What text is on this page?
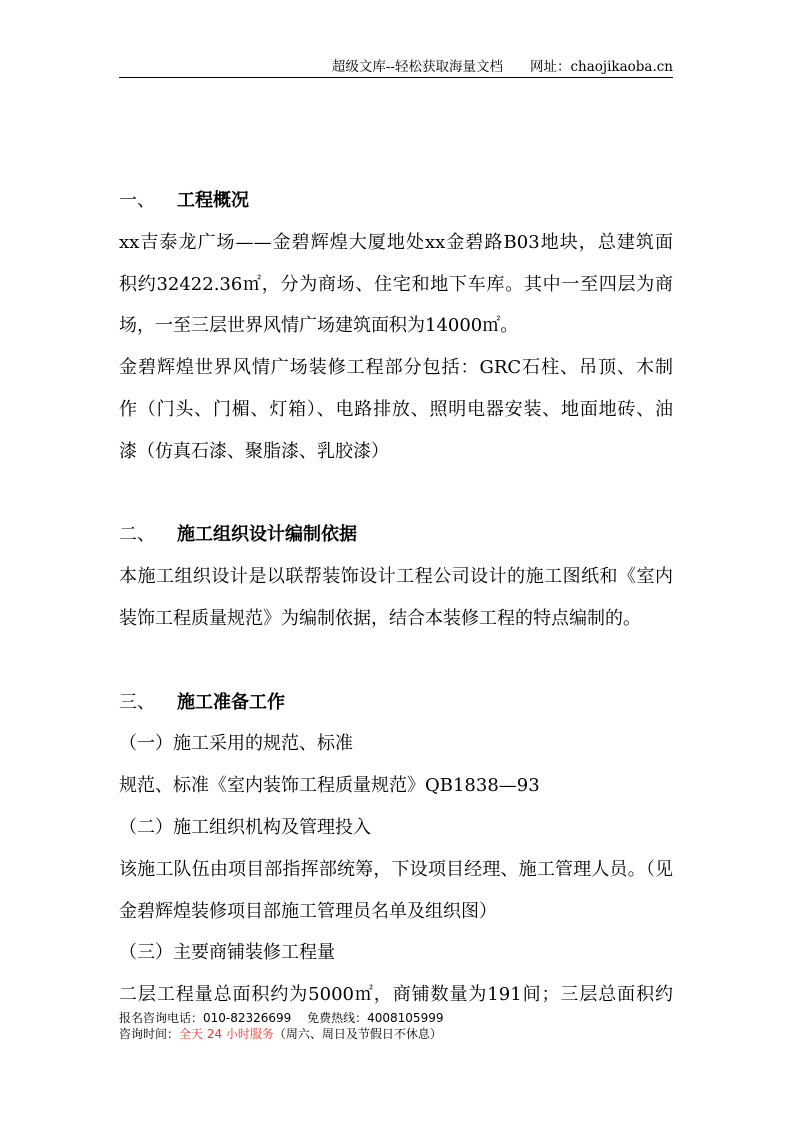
超级文库--轻松获取海量文档　　网址：chaojikaoba.cn
一、 工程概况
xx吉泰龙广场——金碧辉煌大厦地处xx金碧路B03地块，总建筑面
积约32422.36㎡，分为商场、住宅和地下车库。其中一至四层为商
场，一至三层世界风情广场建筑面积为14000㎡。
金碧辉煌世界风情广场装修工程部分包括：GRC石柱、吊顶、木制
作（门头、门楣、灯箱）、电路排放、照明电器安装、地面地砖、油
漆（仿真石漆、聚脂漆、乳胶漆）
二、 施工组织设计编制依据
本施工组织设计是以联帮装饰设计工程公司设计的施工图纸和《室内
装饰工程质量规范》为编制依据，结合本装修工程的特点编制的。
三、 施工准备工作
（一）施工采用的规范、标准
规范、标准《室内装饰工程质量规范》QB1838—93
（二）施工组织机构及管理投入
该施工队伍由项目部指挥部统筹，下设项目经理、施工管理人员。（见
金碧辉煌装修项目部施工管理员名单及组织图）
（三）主要商铺装修工程量
二层工程量总面积约为5000㎡，商铺数量为191间；三层总面积约
报名咨询电话：010-82326699　 免费热线：4008105999
咨询时间：全天 24 小时服务（周六、周日及节假日不休息）
